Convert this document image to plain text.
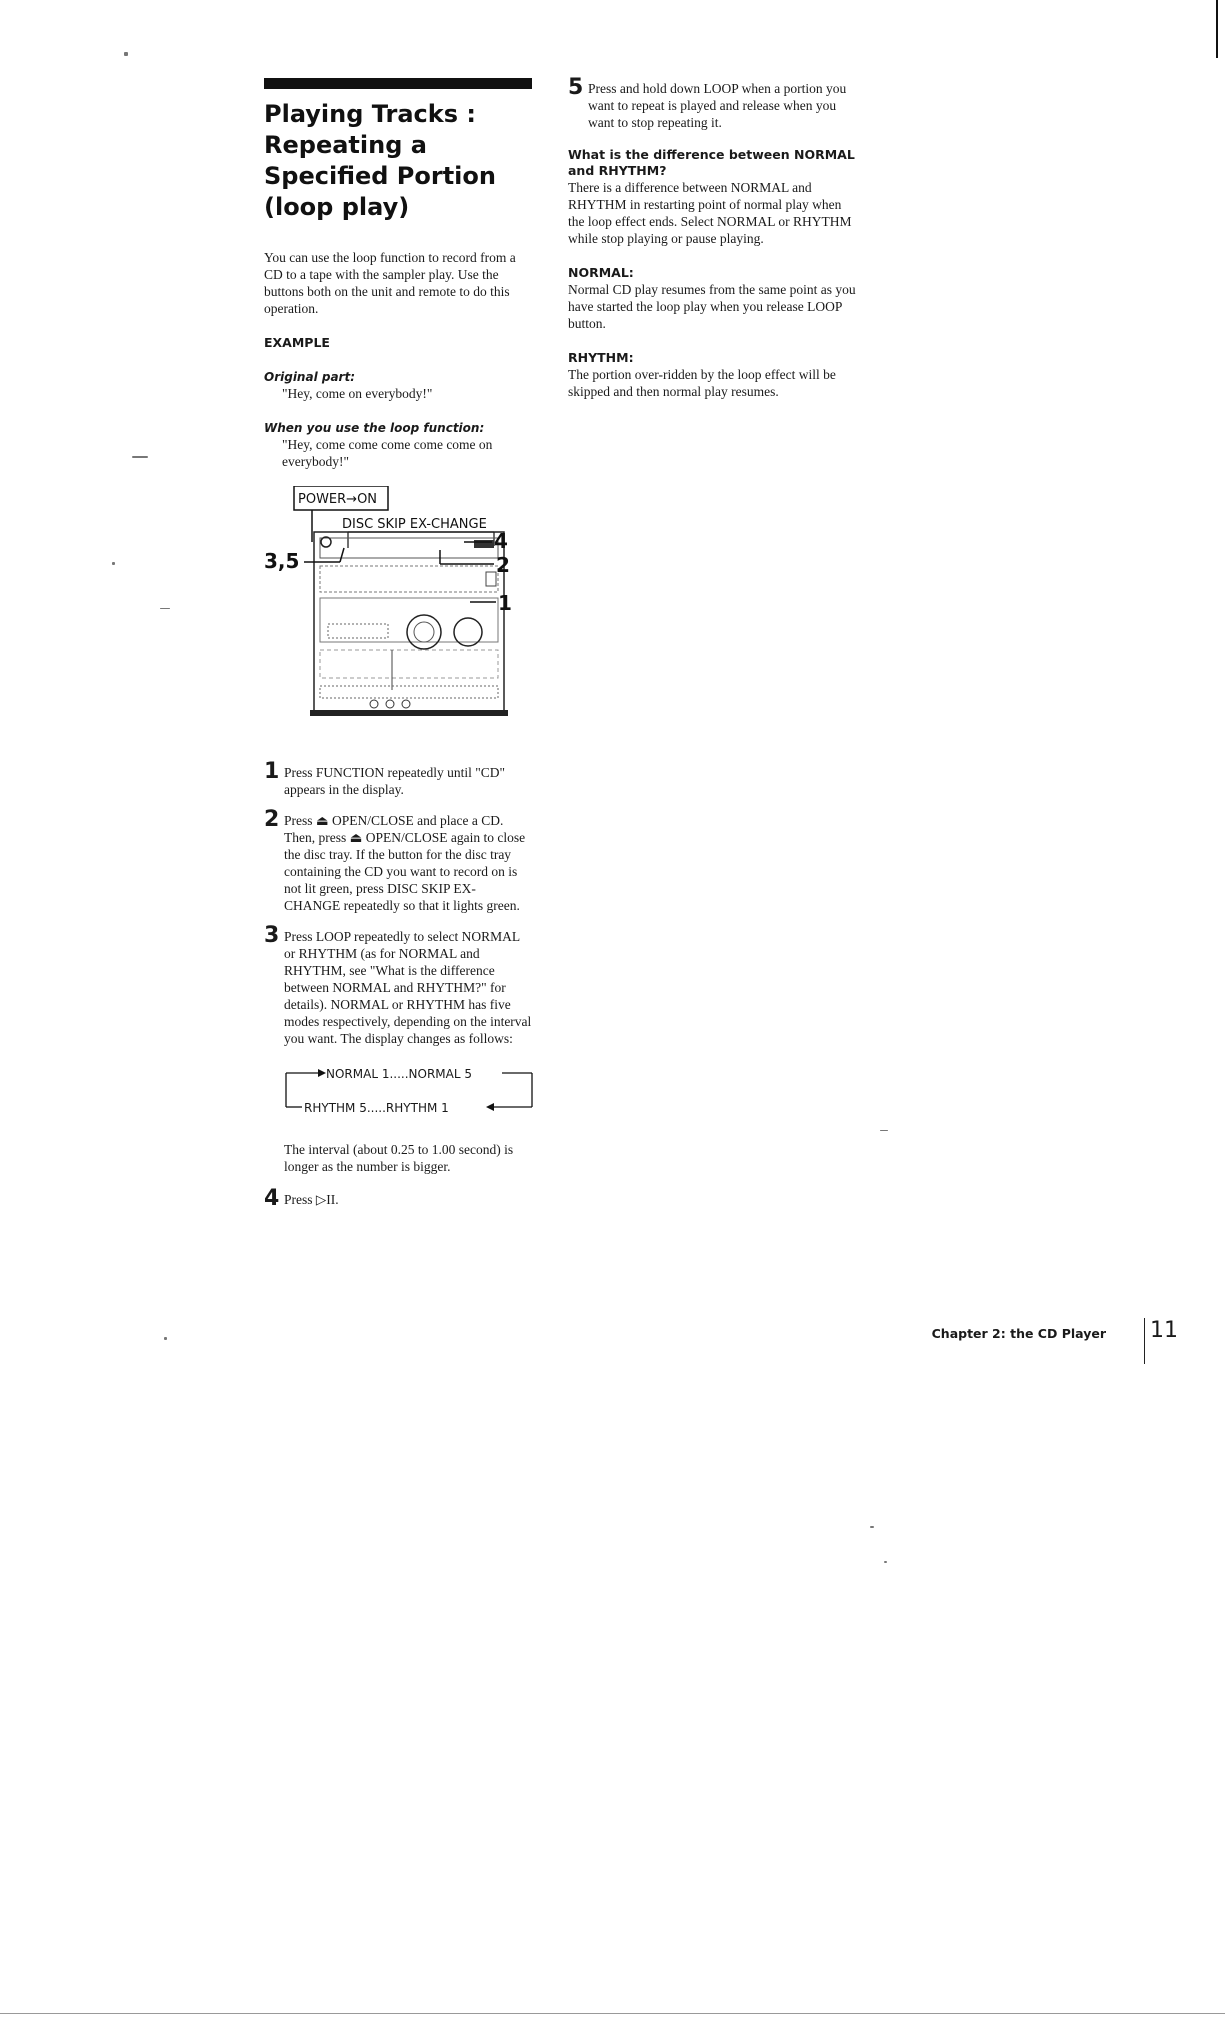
Playing Tracks : Repeating a Specified Portion (loop play)

You can use the loop function to record from a CD to a tape with the sampler play. Use the buttons both on the unit and remote to do this operation.

EXAMPLE

Original part:

"Hey, come on everybody!"

When you use the loop function:

"Hey, come come come come come on everybody!"

POWER→ON
DISC SKIP EX-CHANGE
3,5
4
2
1
1 Press FUNCTION repeatedly until "CD" appears in the display.

2 Press ⏏ OPEN/CLOSE and place a CD. Then, press ⏏ OPEN/CLOSE again to close the disc tray. If the button for the disc tray containing the CD you want to record on is not lit green, press DISC SKIP EX-CHANGE repeatedly so that it lights green.

3 Press LOOP repeatedly to select NORMAL or RHYTHM (as for NORMAL and RHYTHM, see "What is the difference between NORMAL and RHYTHM?" for details). NORMAL or RHYTHM has five modes respectively, depending on the interval you want. The display changes as follows:

NORMAL 1.....NORMAL 5
RHYTHM 5.....RHYTHM 1

The interval (about 0.25 to 1.00 second) is longer as the number is bigger.

4 Press ▷II.

5 Press and hold down LOOP when a portion you want to repeat is played and release when you want to stop repeating it.

What is the difference between NORMAL and RHYTHM?

There is a difference between NORMAL and RHYTHM in restarting point of normal play when the loop effect ends. Select NORMAL or RHYTHM while stop playing or pause playing.

NORMAL:

Normal CD play resumes from the same point as you have started the loop play when you release LOOP button.

RHYTHM:

The portion over-ridden by the loop effect will be skipped and then normal play resumes.

Chapter 2: the CD Player 11
